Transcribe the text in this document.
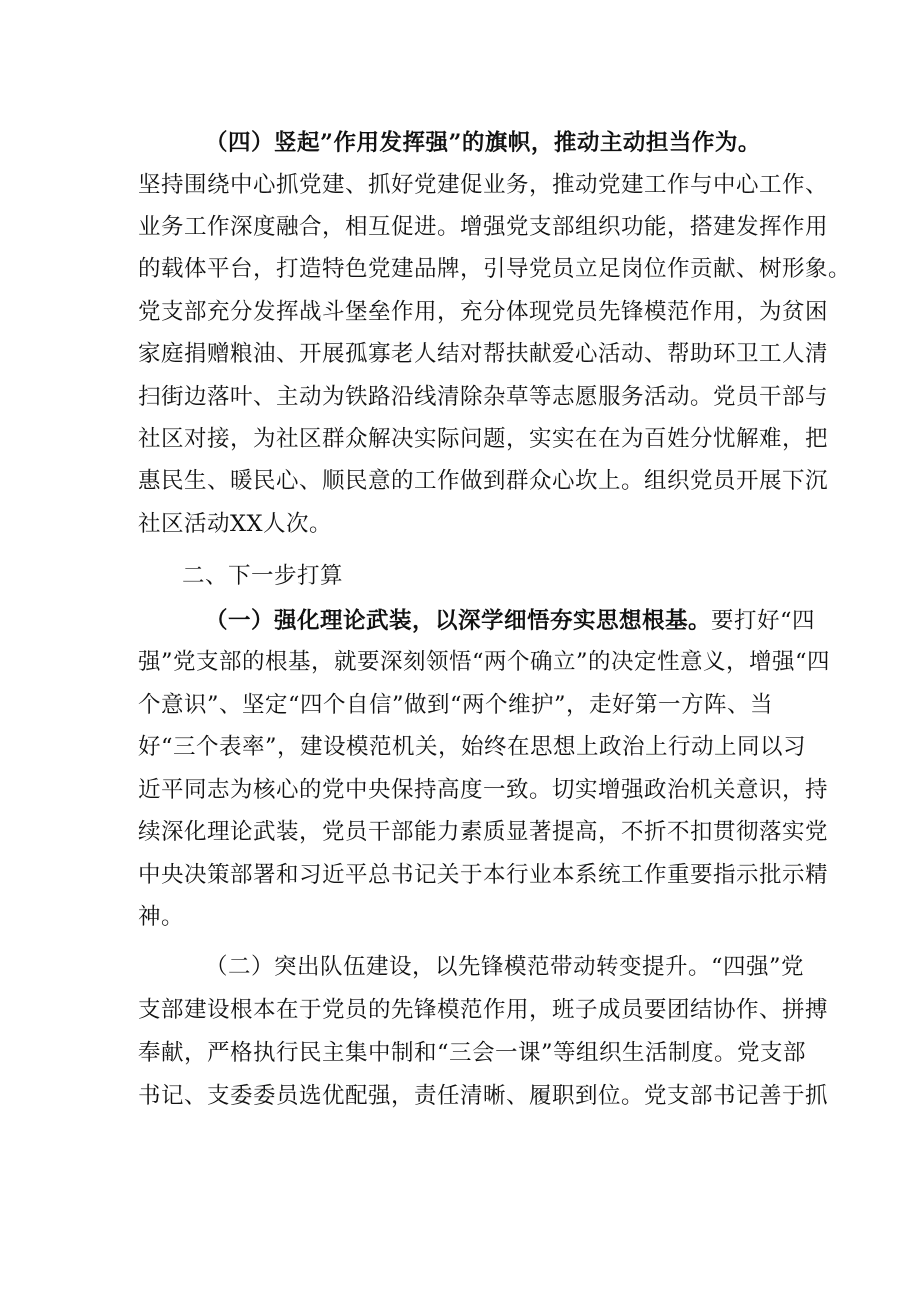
（四）竖起”作用发挥强”的旗帜，推动主动担当作为。
坚持围绕中心抓党建、抓好党建促业务，推动党建工作与中心工作、
业务工作深度融合，相互促进。增强党支部组织功能，搭建发挥作用
的载体平台，打造特色党建品牌，引导党员立足岗位作贡献、树形象。
党支部充分发挥战斗堡垒作用，充分体现党员先锋模范作用，为贫困
家庭捐赠粮油、开展孤寡老人结对帮扶献爱心活动、帮助环卫工人清
扫街边落叶、主动为铁路沿线清除杂草等志愿服务活动。党员干部与
社区对接，为社区群众解决实际问题，实实在在为百姓分忧解难，把
惠民生、暖民心、顺民意的工作做到群众心坎上。组织党员开展下沉
社区活动XX人次。
二、下一步打算
（一）强化理论武装，以深学细悟夯实思想根基。要打好“四
强”党支部的根基，就要深刻领悟“两个确立”的决定性意义，增强“四
个意识”、坚定“四个自信”做到“两个维护”，走好第一方阵、当
好“三个表率”，建设模范机关，始终在思想上政治上行动上同以习
近平同志为核心的党中央保持高度一致。切实增强政治机关意识，持
续深化理论武装，党员干部能力素质显著提高，不折不扣贯彻落实党
中央决策部署和习近平总书记关于本行业本系统工作重要指示批示精
神。
（二）突出队伍建设，以先锋模范带动转变提升。“四强”党
支部建设根本在于党员的先锋模范作用，班子成员要团结协作、拼搏
奉献，严格执行民主集中制和“三会一课”等组织生活制度。党支部
书记、支委委员选优配强，责任清晰、履职到位。党支部书记善于抓
